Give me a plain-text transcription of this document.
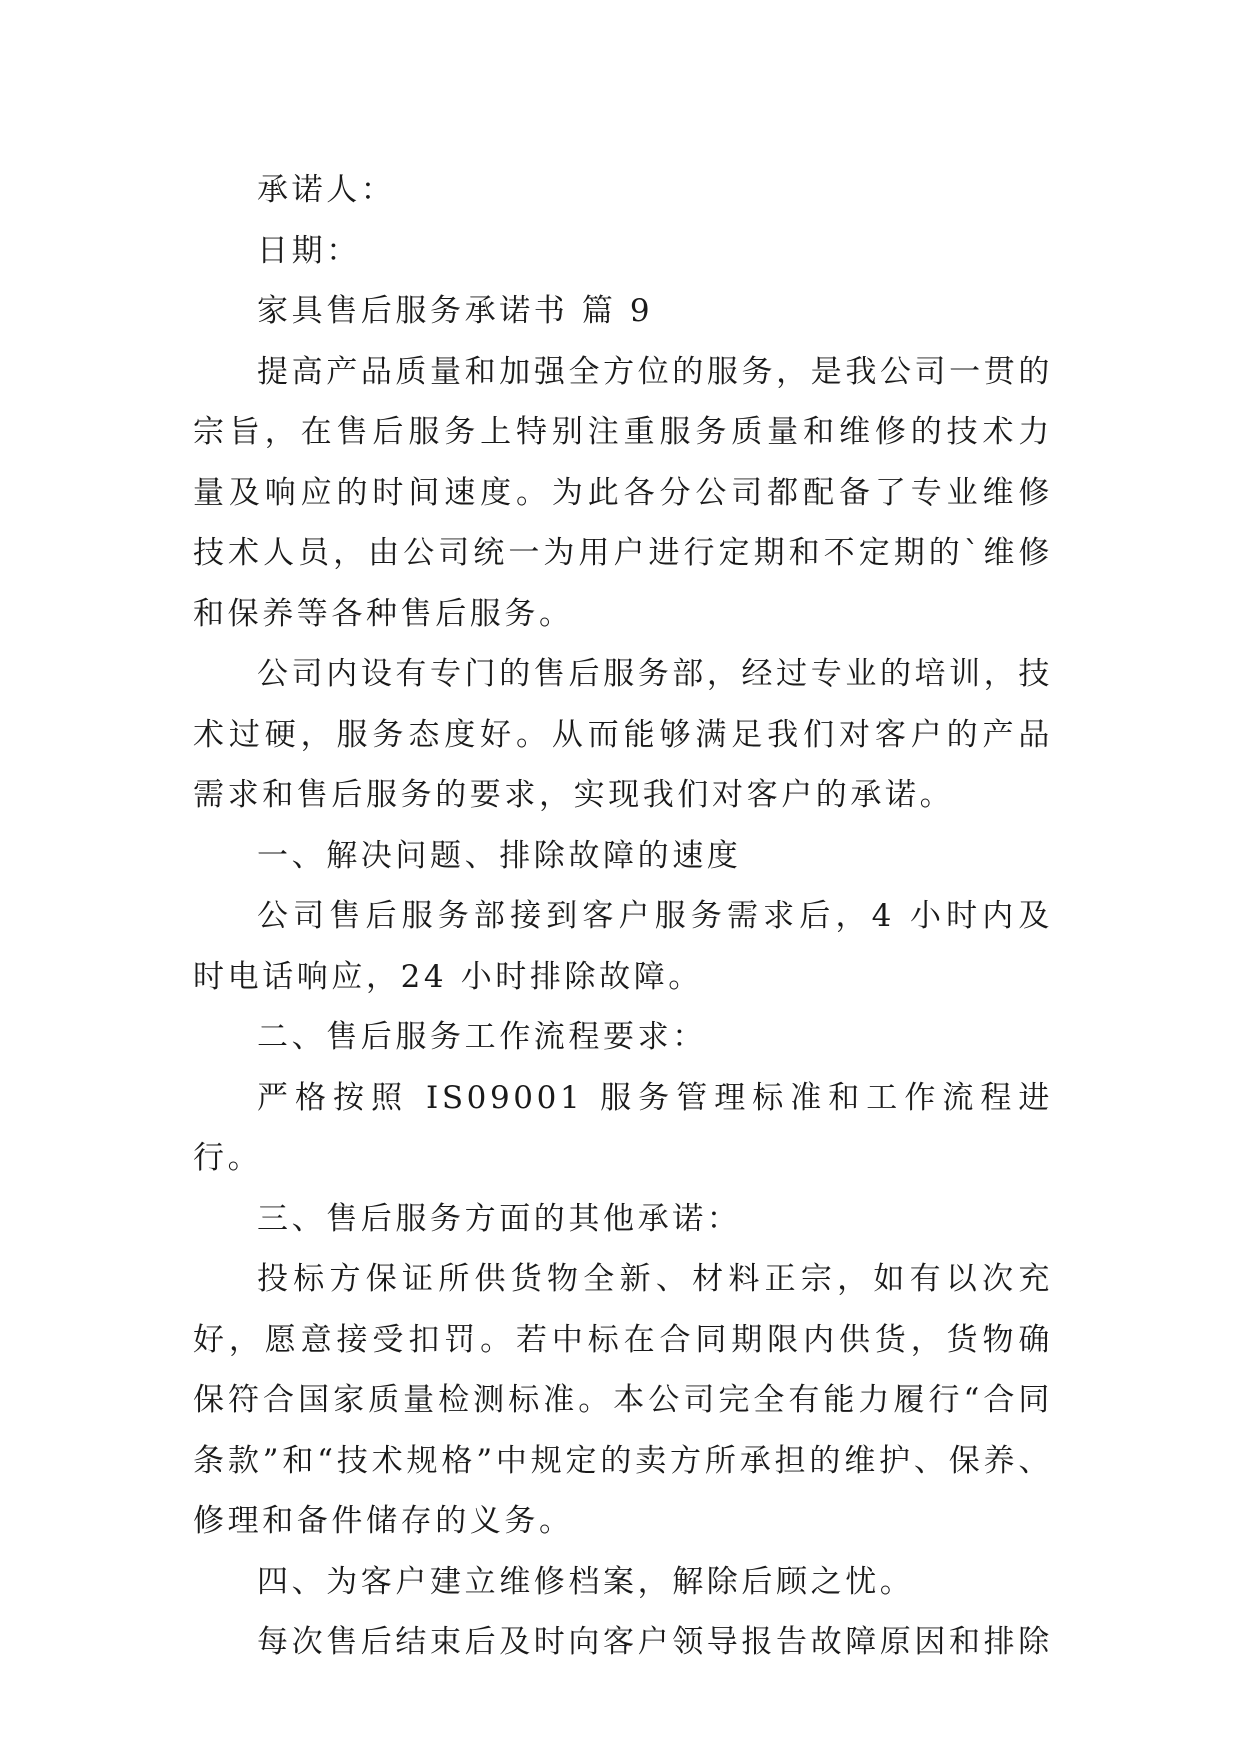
承诺人：

日期：

家具售后服务承诺书 篇 9

提高产品质量和加强全方位的服务，是我公司一贯的宗旨，在售后服务上特别注重服务质量和维修的技术力量及响应的时间速度。为此各分公司都配备了专业维修技术人员，由公司统一为用户进行定期和不定期的`维修和保养等各种售后服务。

公司内设有专门的售后服务部，经过专业的培训，技术过硬，服务态度好。从而能够满足我们对客户的产品需求和售后服务的要求，实现我们对客户的承诺。

一、解决问题、排除故障的速度

公司售后服务部接到客户服务需求后，4 小时内及时电话响应，24 小时排除故障。

二、售后服务工作流程要求：

严格按照 IS09001 服务管理标准和工作流程进行。

三、售后服务方面的其他承诺：

投标方保证所供货物全新、材料正宗，如有以次充好，愿意接受扣罚。若中标在合同期限内供货，货物确保符合国家质量检测标准。本公司完全有能力履行“合同条款”和“技术规格”中规定的卖方所承担的维护、保养、修理和备件储存的义务。

四、为客户建立维修档案，解除后顾之忧。

每次售后结束后及时向客户领导报告故障原因和排除
